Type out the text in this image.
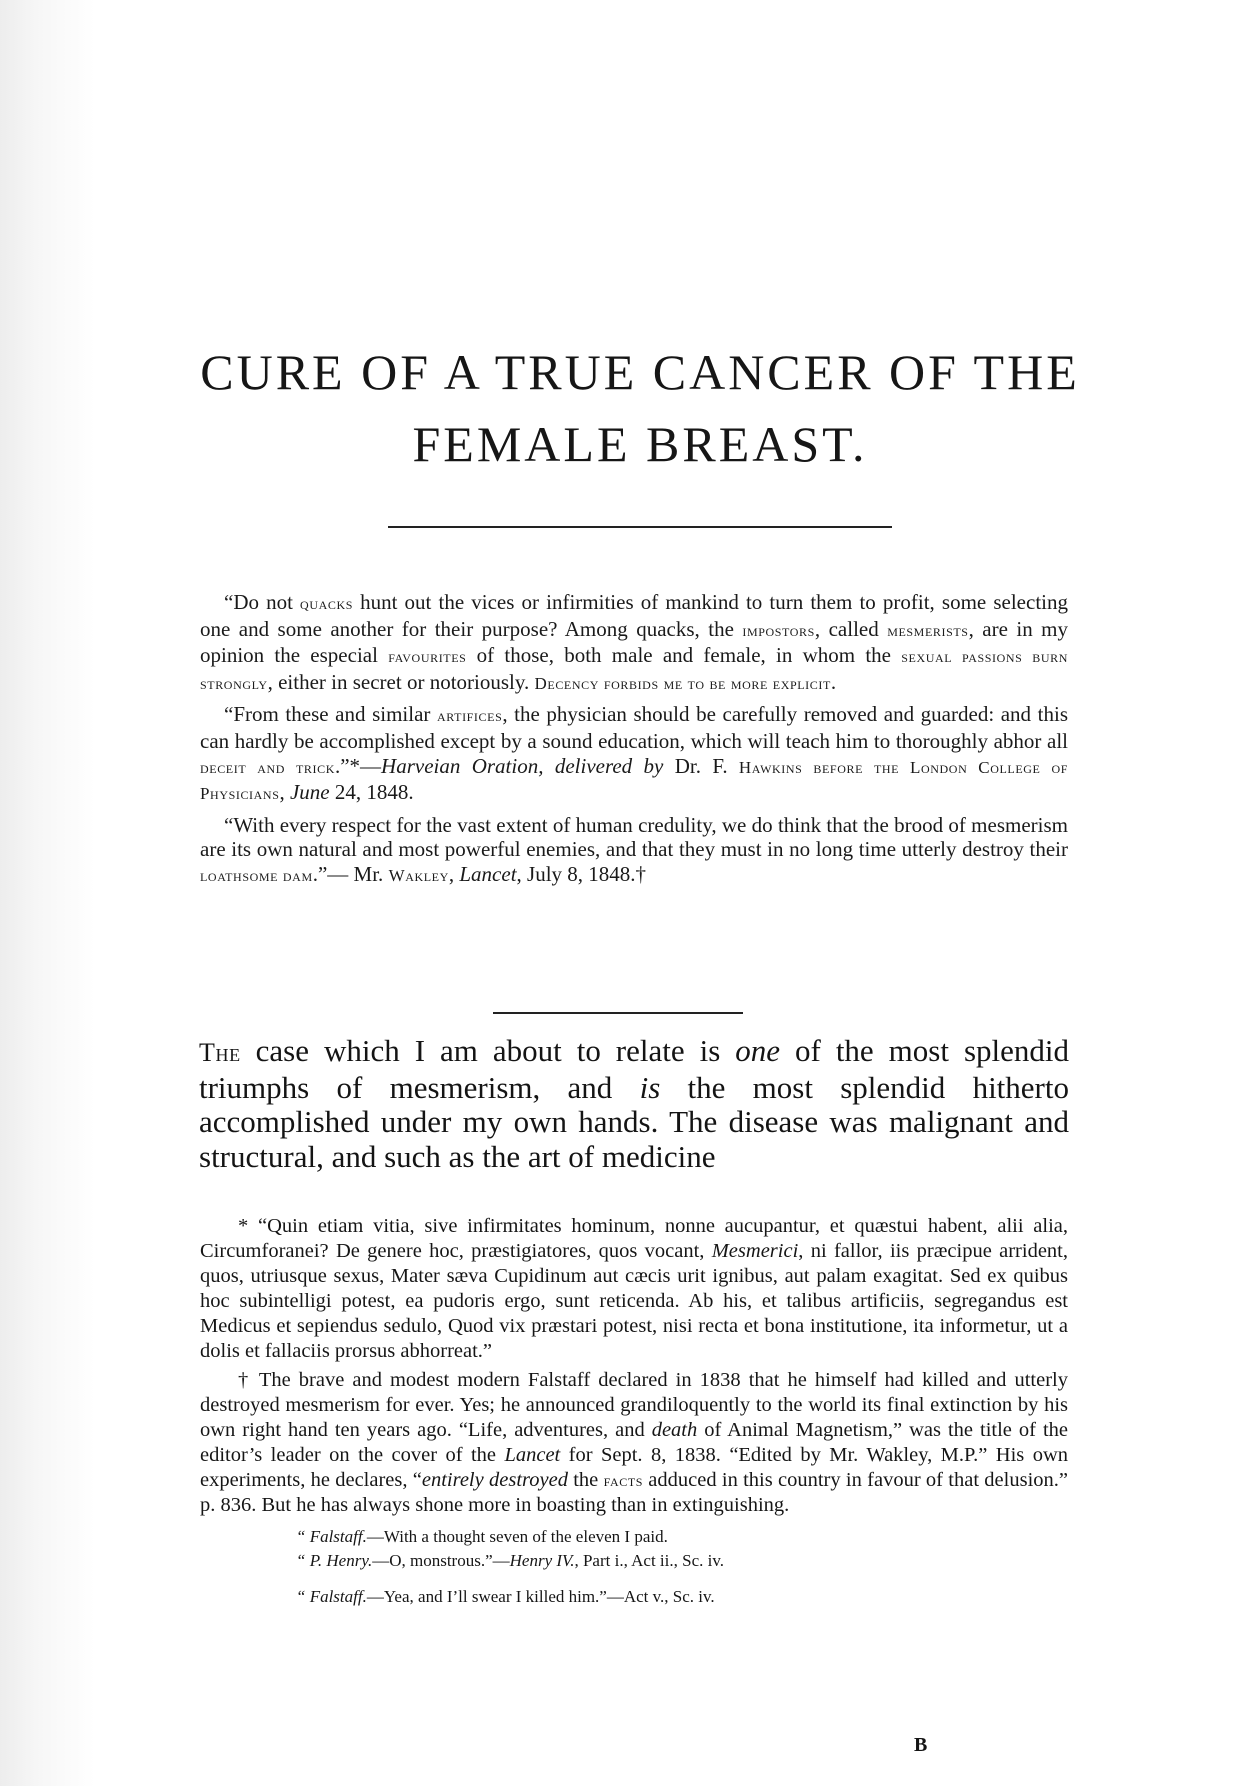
CURE OF A TRUE CANCER OF THE
FEMALE BREAST.

“Do not quacks hunt out the vices or infirmities of mankind to turn them to profit, some selecting one and some another for their purpose? Among quacks, the impostors, called mesmerists, are in my opinion the especial favourites of those, both male and female, in whom the sexual passions burn strongly, either in secret or notoriously. Decency forbids me to be more explicit.

“From these and similar artifices, the physician should be carefully removed and guarded: and this can hardly be accomplished except by a sound education, which will teach him to thoroughly abhor all deceit and trick.”*—Harveian Oration, delivered by Dr. F. Hawkins before the London College of Physicians, June 24, 1848.

“With every respect for the vast extent of human credulity, we do think that the brood of mesmerism are its own natural and most powerful enemies, and that they must in no long time utterly destroy their loathsome dam.”— Mr. Wakley, Lancet, July 8, 1848.†

The case which I am about to relate is one of the most splendid triumphs of mesmerism, and is the most splendid hitherto accomplished under my own hands. The disease was malignant and structural, and such as the art of medicine

* “Quin etiam vitia, sive infirmitates hominum, nonne aucupantur, et quæstui habent, alii alia, Circumforanei? De genere hoc, præstigiatores, quos vocant, Mesmerici, ni fallor, iis præcipue arrident, quos, utriusque sexus, Mater sæva Cupidinum aut cæcis urit ignibus, aut palam exagitat. Sed ex quibus hoc subintelligi potest, ea pudoris ergo, sunt reticenda. Ab his, et talibus artificiis, segregandus est Medicus et sepiendus sedulo, Quod vix præstari potest, nisi recta et bona institutione, ita informetur, ut a dolis et fallaciis prorsus abhorreat.”

† The brave and modest modern Falstaff declared in 1838 that he himself had killed and utterly destroyed mesmerism for ever. Yes; he announced grandiloquently to the world its final extinction by his own right hand ten years ago. “Life, adventures, and death of Animal Magnetism,” was the title of the editor’s leader on the cover of the Lancet for Sept. 8, 1838. “Edited by Mr. Wakley, M.P.” His own experiments, he declares, “entirely destroyed the facts adduced in this country in favour of that delusion.” p. 836. But he has always shone more in boasting than in extinguishing.

“ Falstaff.—With a thought seven of the eleven I paid.

“ P. Henry.—O, monstrous.”—Henry IV., Part i., Act ii., Sc. iv.

“ Falstaff.—Yea, and I’ll swear I killed him.”—Act v., Sc. iv.

B
